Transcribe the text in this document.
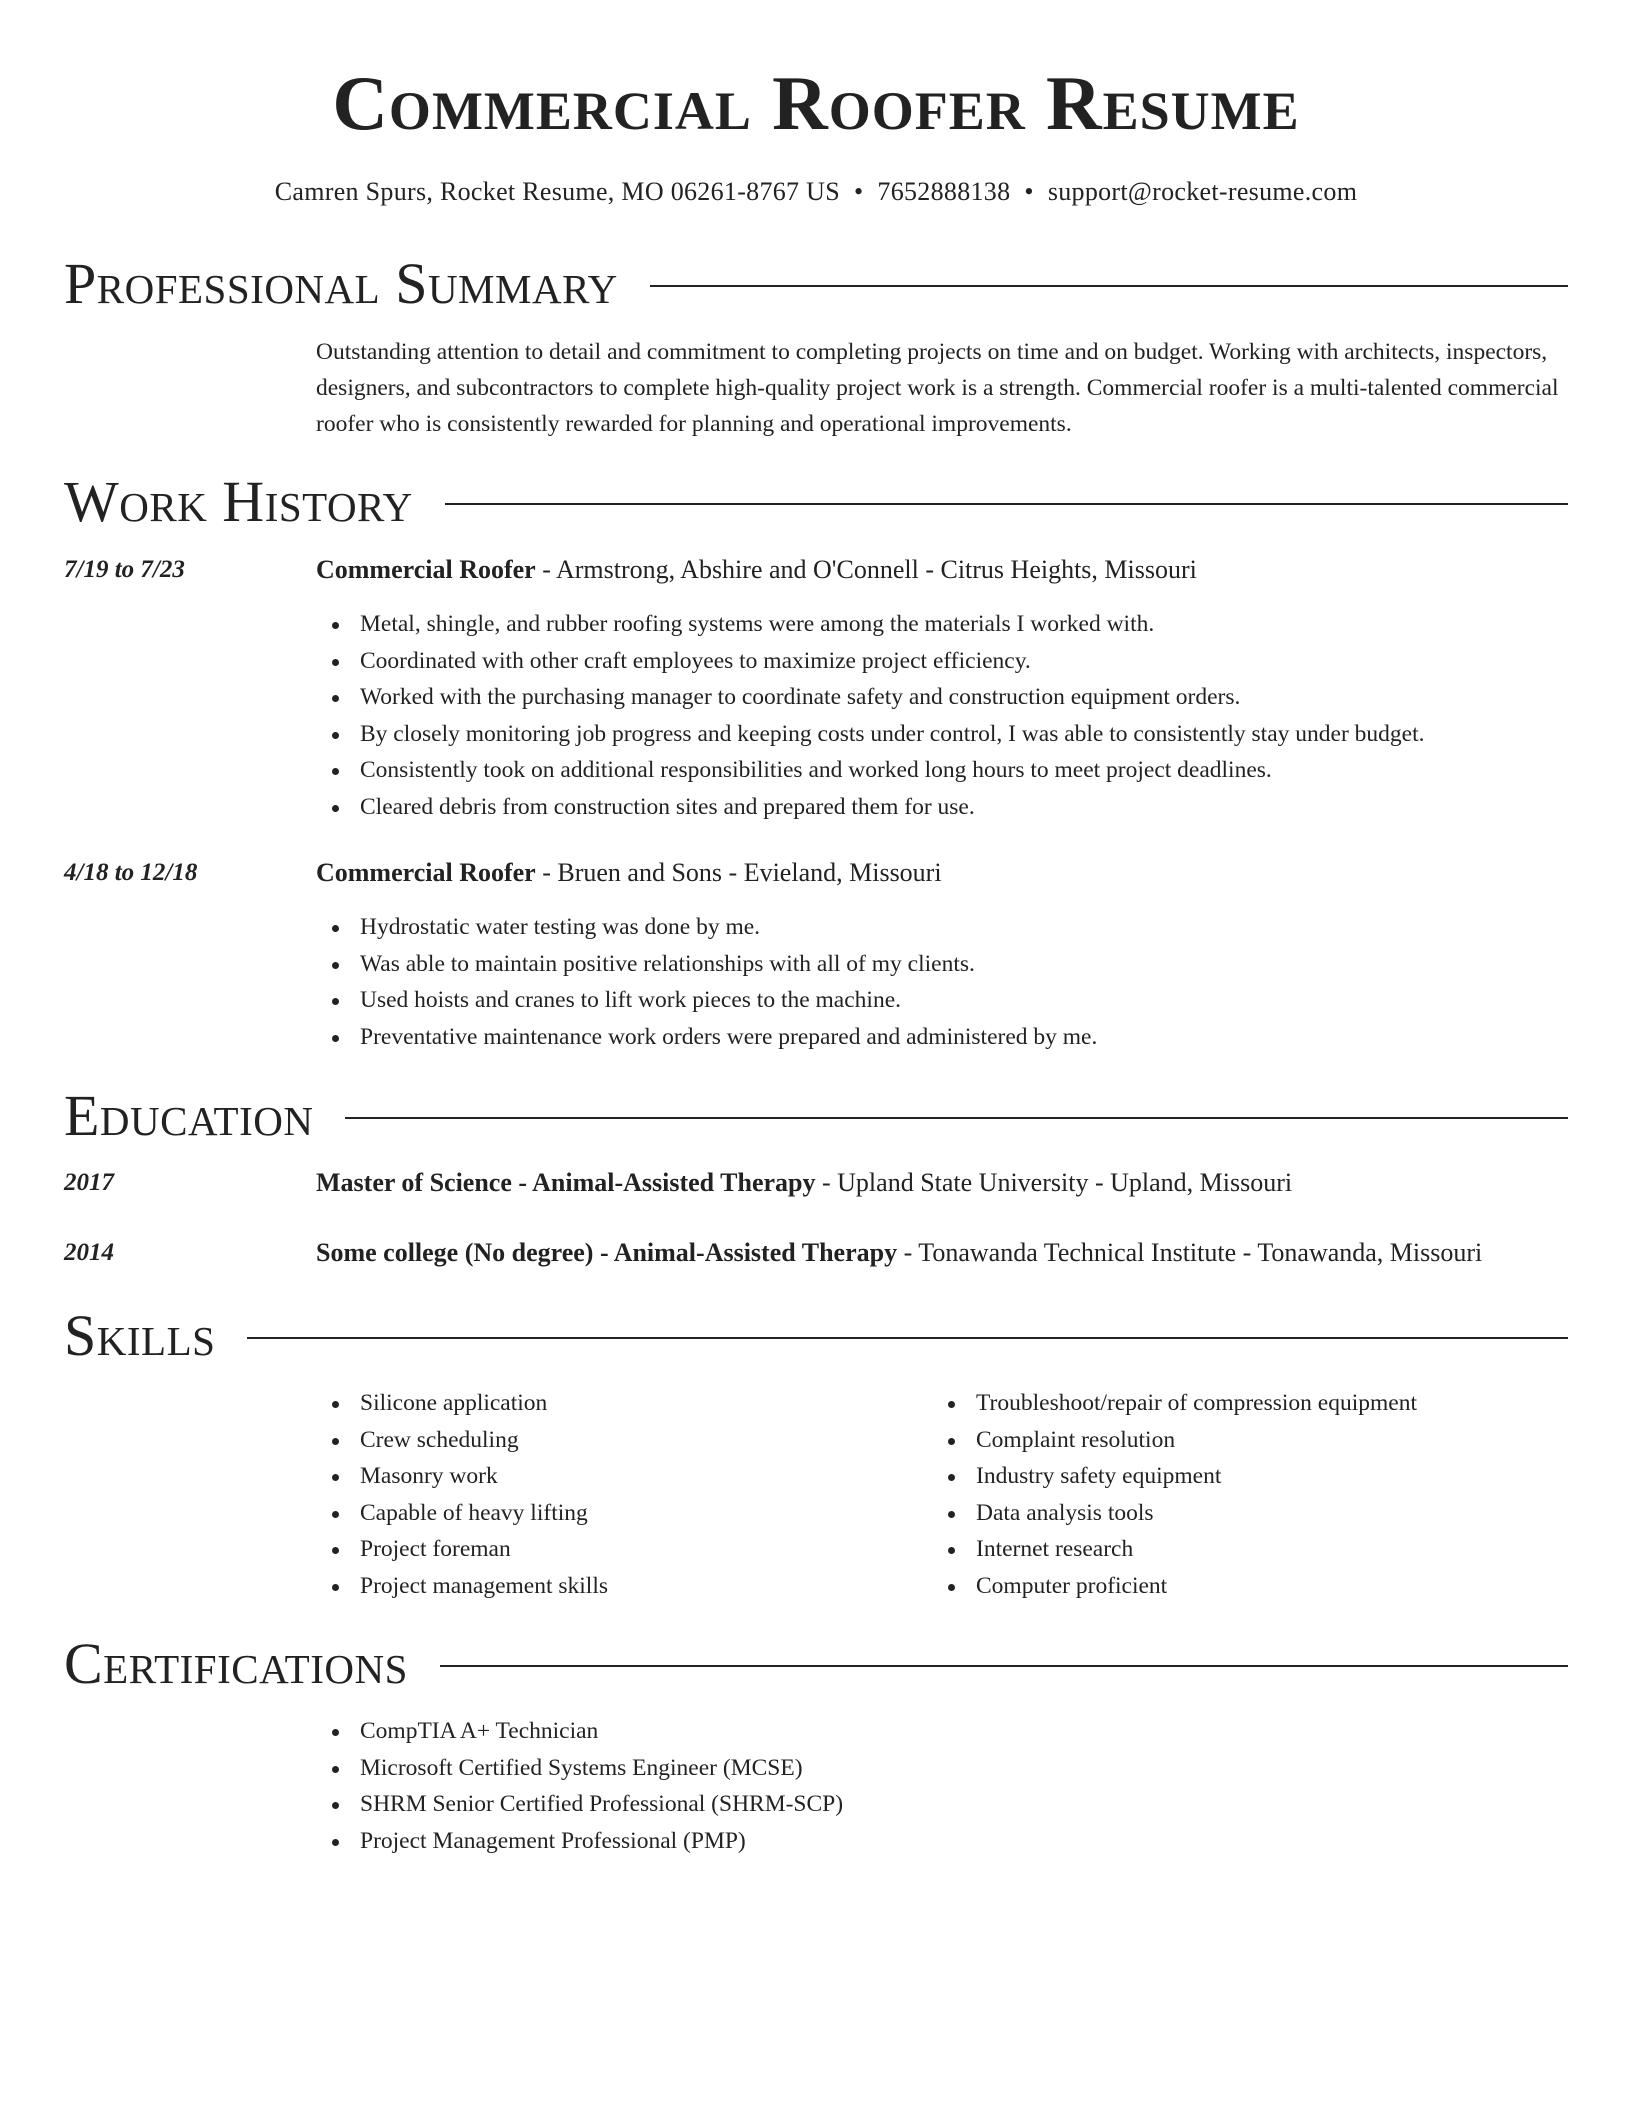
Commercial Roofer Resume
Camren Spurs, Rocket Resume, MO 06261-8767 US • 7652888138 • support@rocket-resume.com
Professional Summary

Outstanding attention to detail and commitment to completing projects on time and on budget. Working with architects, inspectors, designers, and subcontractors to complete high-quality project work is a strength. Commercial roofer is a multi-talented commercial roofer who is consistently rewarded for planning and operational improvements.

Work History
7/19 to 7/23	Commercial Roofer - Armstrong, Abshire and O'Connell - Citrus Heights, Missouri
Metal, shingle, and rubber roofing systems were among the materials I worked with.
Coordinated with other craft employees to maximize project efficiency.
Worked with the purchasing manager to coordinate safety and construction equipment orders.
By closely monitoring job progress and keeping costs under control, I was able to consistently stay under budget.
Consistently took on additional responsibilities and worked long hours to meet project deadlines.
Cleared debris from construction sites and prepared them for use.
4/18 to 12/18	Commercial Roofer - Bruen and Sons - Evieland, Missouri
Hydrostatic water testing was done by me.
Was able to maintain positive relationships with all of my clients.
Used hoists and cranes to lift work pieces to the machine.
Preventative maintenance work orders were prepared and administered by me.
Education
2017	Master of Science - Animal-Assisted Therapy - Upland State University - Upland, Missouri
2014	Some college (No degree) - Animal-Assisted Therapy - Tonawanda Technical Institute - Tonawanda, Missouri
Skills
Silicone application
Crew scheduling
Masonry work
Capable of heavy lifting
Project foreman
Project management skills
Troubleshoot/repair of compression equipment
Complaint resolution
Industry safety equipment
Data analysis tools
Internet research
Computer proficient
Certifications
CompTIA A+ Technician
Microsoft Certified Systems Engineer (MCSE)
SHRM Senior Certified Professional (SHRM-SCP)
Project Management Professional (PMP)
